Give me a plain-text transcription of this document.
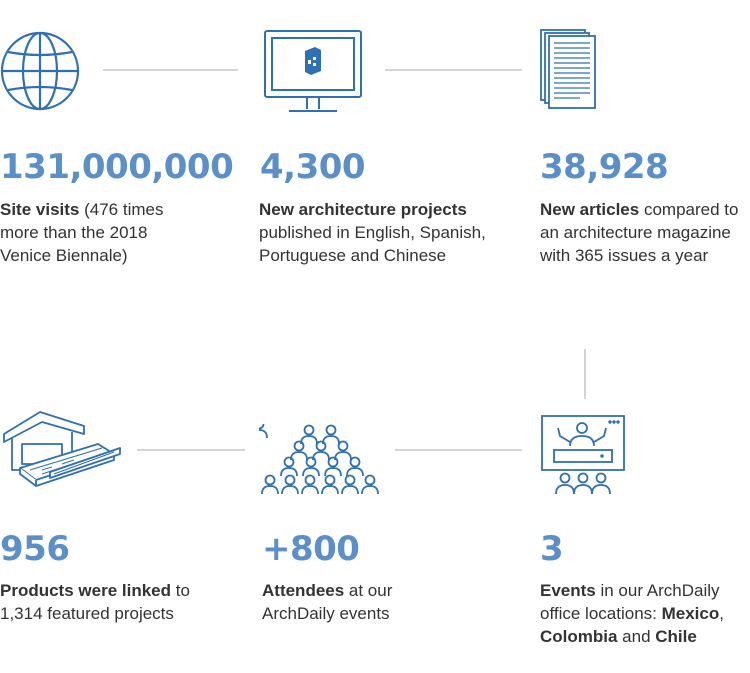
131,000,000
Site visits (476 times more than the 2018 Venice Biennale)
4,300
New architecture projects published in English, Spanish, Portuguese and Chinese
38,928
New articles compared to an architecture magazine with 365 issues a year
956
Products were linked to 1,314 featured projects
+800
Attendees at our ArchDaily events
3
Events in our ArchDaily office locations: Mexico, Colombia and Chile
